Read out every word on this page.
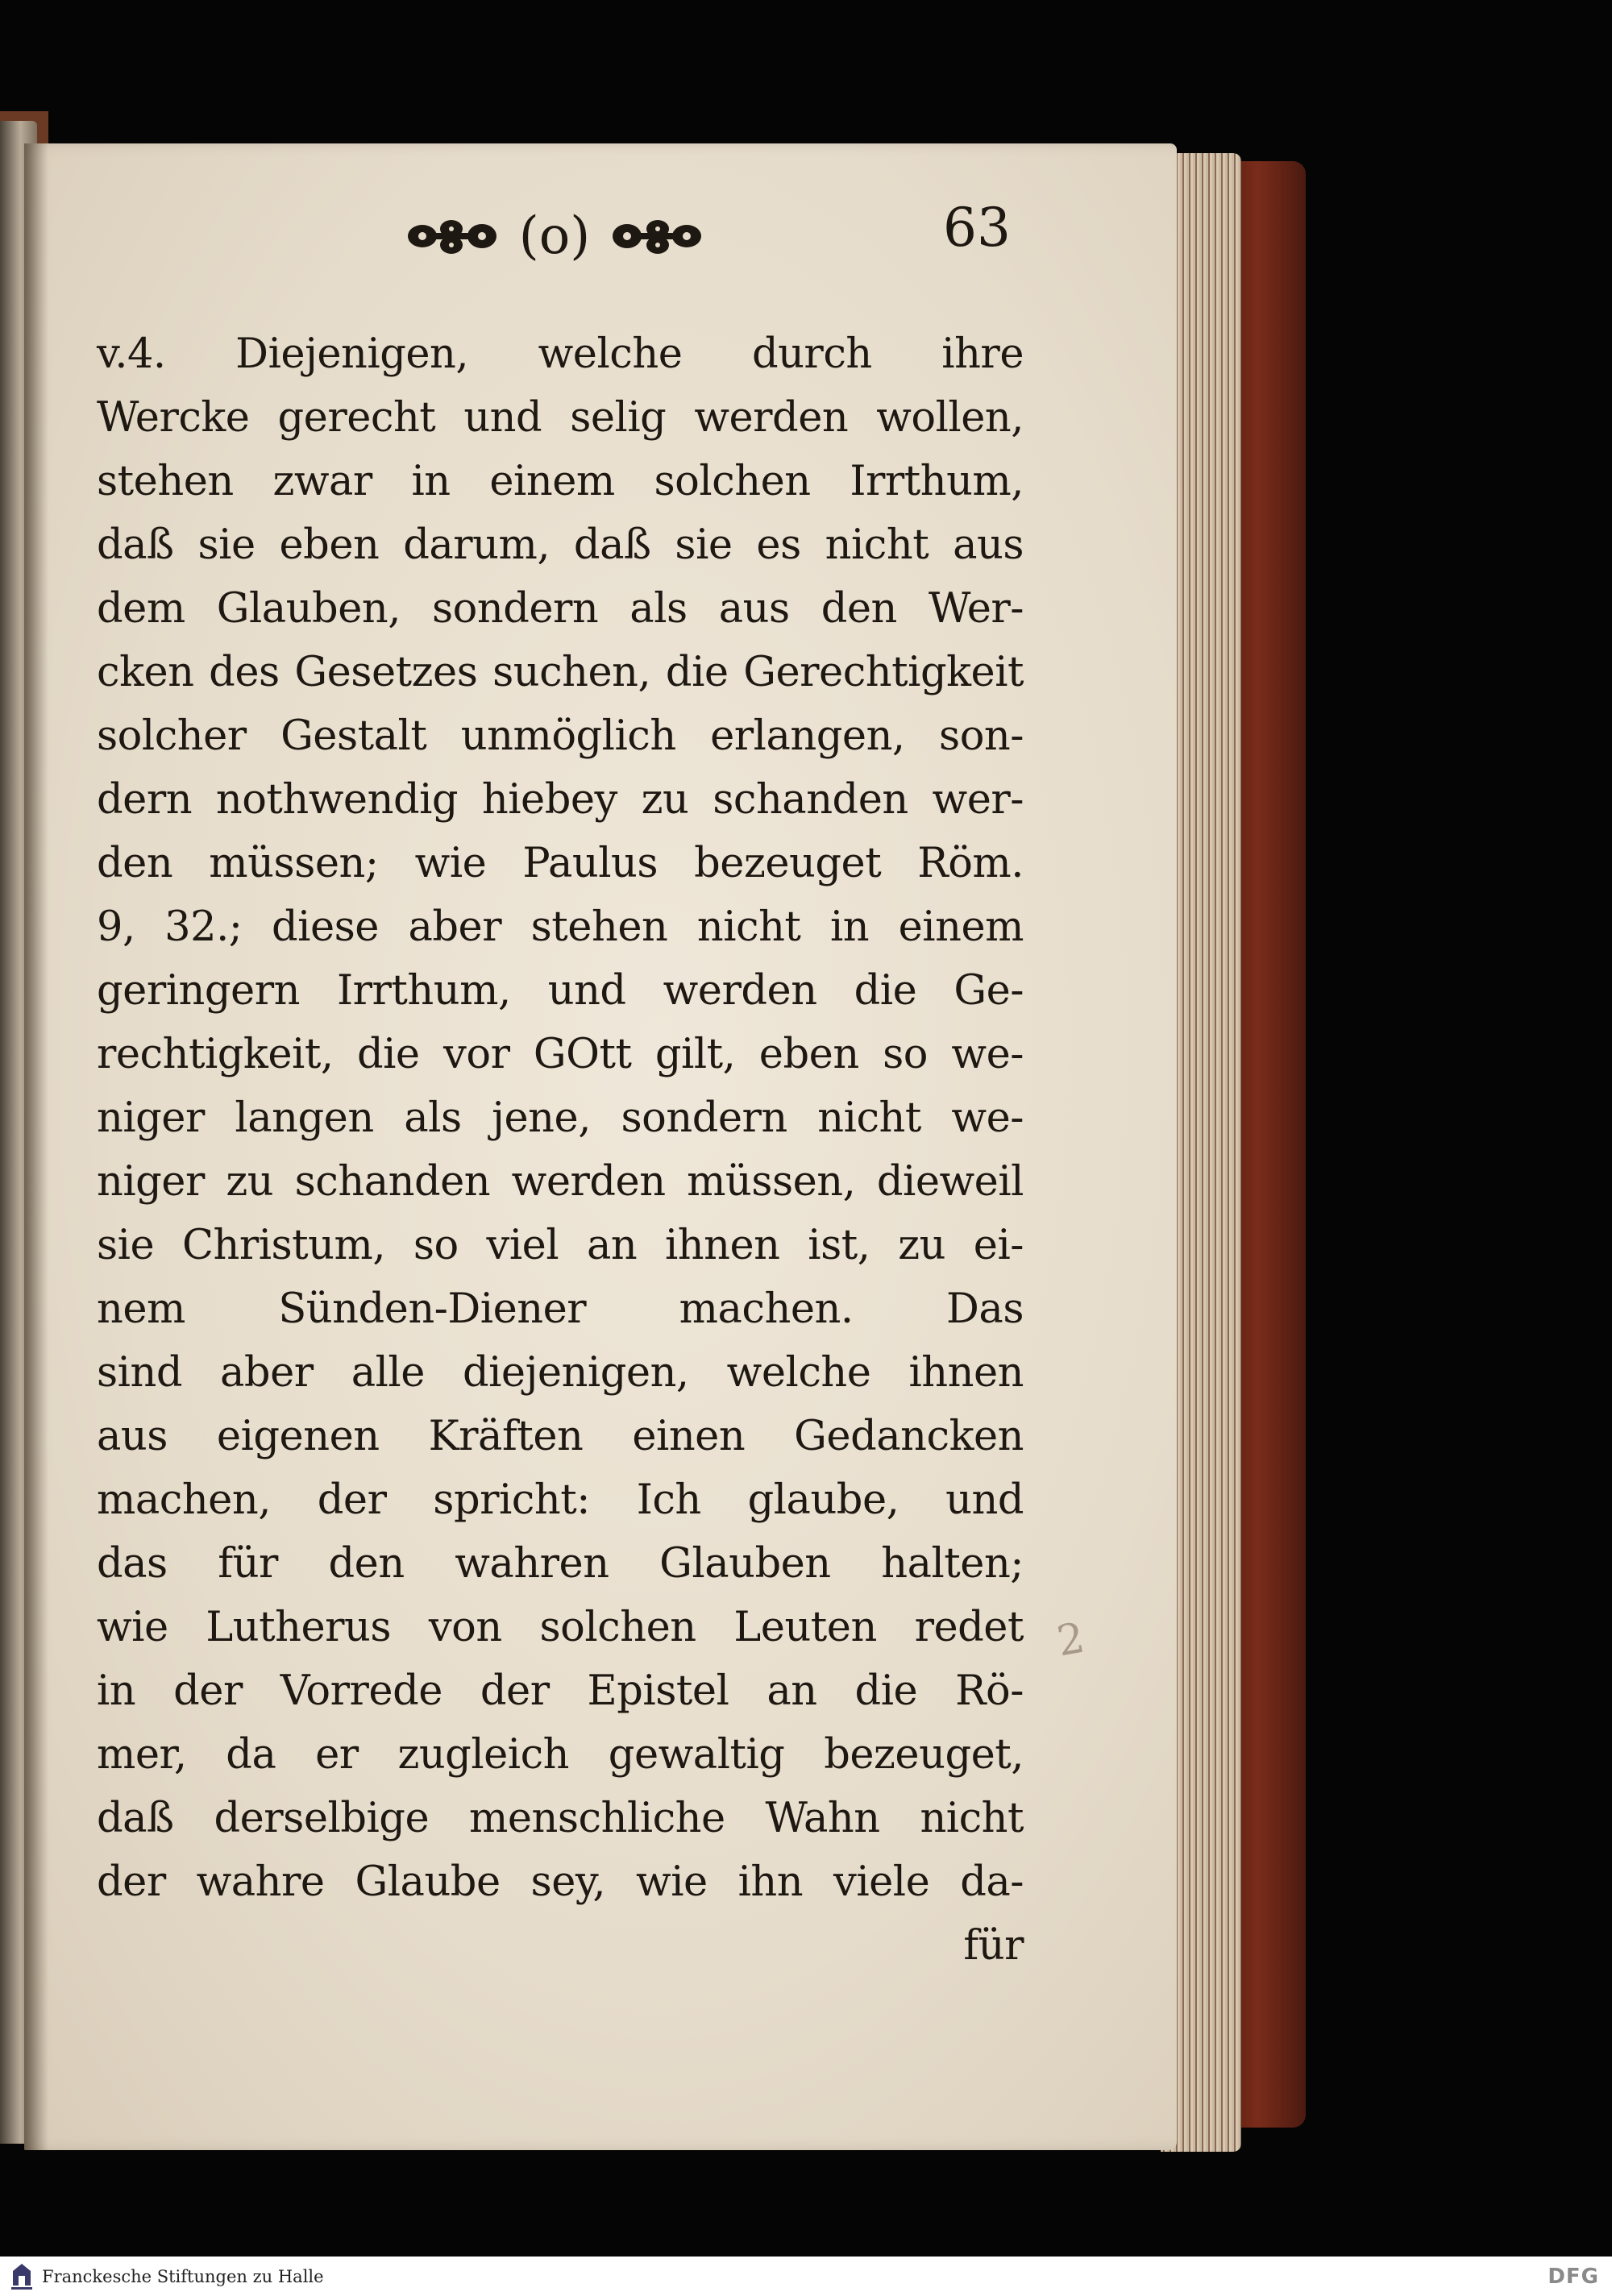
(o)	63
v.4. Diejenigen, welche durch ihre
Wercke gerecht und selig werden wollen,
stehen zwar in einem solchen Irrthum,
daß sie eben darum, daß sie es nicht aus
dem Glauben, sondern als aus den Wer-
cken des Gesetzes suchen, die Gerechtigkeit
solcher Gestalt unmöglich erlangen, son-
dern nothwendig hiebey zu schanden wer-
den müssen; wie Paulus bezeuget Röm.
9, 32.; diese aber stehen nicht in einem
geringern Irrthum, und werden die Ge-
rechtigkeit, die vor GOtt gilt, eben so we-
niger langen als jene, sondern nicht we-
niger zu schanden werden müssen, dieweil
sie Christum, so viel an ihnen ist, zu ei-
nem Sünden-Diener machen. Das
sind aber alle diejenigen, welche ihnen
aus eigenen Kräften einen Gedancken
machen, der spricht: Ich glaube, und
das für den wahren Glauben halten;
wie Lutherus von solchen Leuten redet
in der Vorrede der Epistel an die Rö-
mer, da er zugleich gewaltig bezeuget,
daß derselbige menschliche Wahn nicht
der wahre Glaube sey, wie ihn viele da-
für
2
Franckesche Stiftungen zu Halle	DFG
